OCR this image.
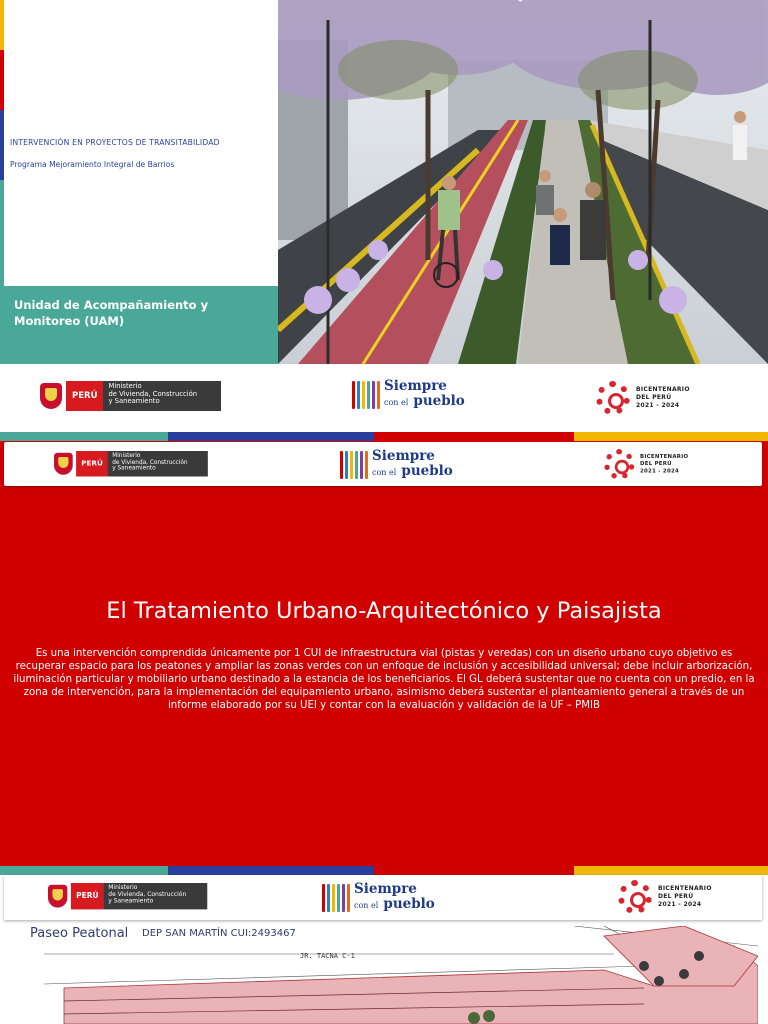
INTERVENCIÓN EN PROYECTOS DE TRANSITABILIDAD
Programa Mejoramiento Integral de Barrios
Unidad de Acompañamiento y
Monitoreo (UAM)
PERÚ
Ministerio
de Vivienda, Construcción
y Saneamiento
Siempre
con el pueblo
BICENTENARIO
DEL PERÚ
2021 - 2024
PERÚ
Ministerio
de Vivienda, Construcción
y Saneamiento
Siempre
con el pueblo
BICENTENARIO
DEL PERÚ
2021 - 2024
El Tratamiento Urbano-Arquitectónico y Paisajista
Es una intervención comprendida únicamente por 1 CUI de infraestructura vial (pistas y veredas) con un diseño urbano cuyo objetivo es recuperar espacio para los peatones y ampliar las zonas verdes con un enfoque de inclusión y accesibilidad universal; debe incluir arborización, iluminación particular y mobiliario urbano destinado a la estancia de los beneficiarios. El GL deberá sustentar que no cuenta con un predio, en la zona de intervención, para la implementación del equipamiento urbano, asimismo deberá sustentar el planteamiento general a través de un informe elaborado por su UEI y contar con la evaluación y validación de la UF – PMIB
PERÚ
Ministerio
de Vivienda, Construcción
y Saneamiento
Siempre
con el pueblo
BICENTENARIO
DEL PERÚ
2021 - 2024
JR. TACNA C-1
Paseo Peatonal DEP SAN MARTÍN CUI:2493467
